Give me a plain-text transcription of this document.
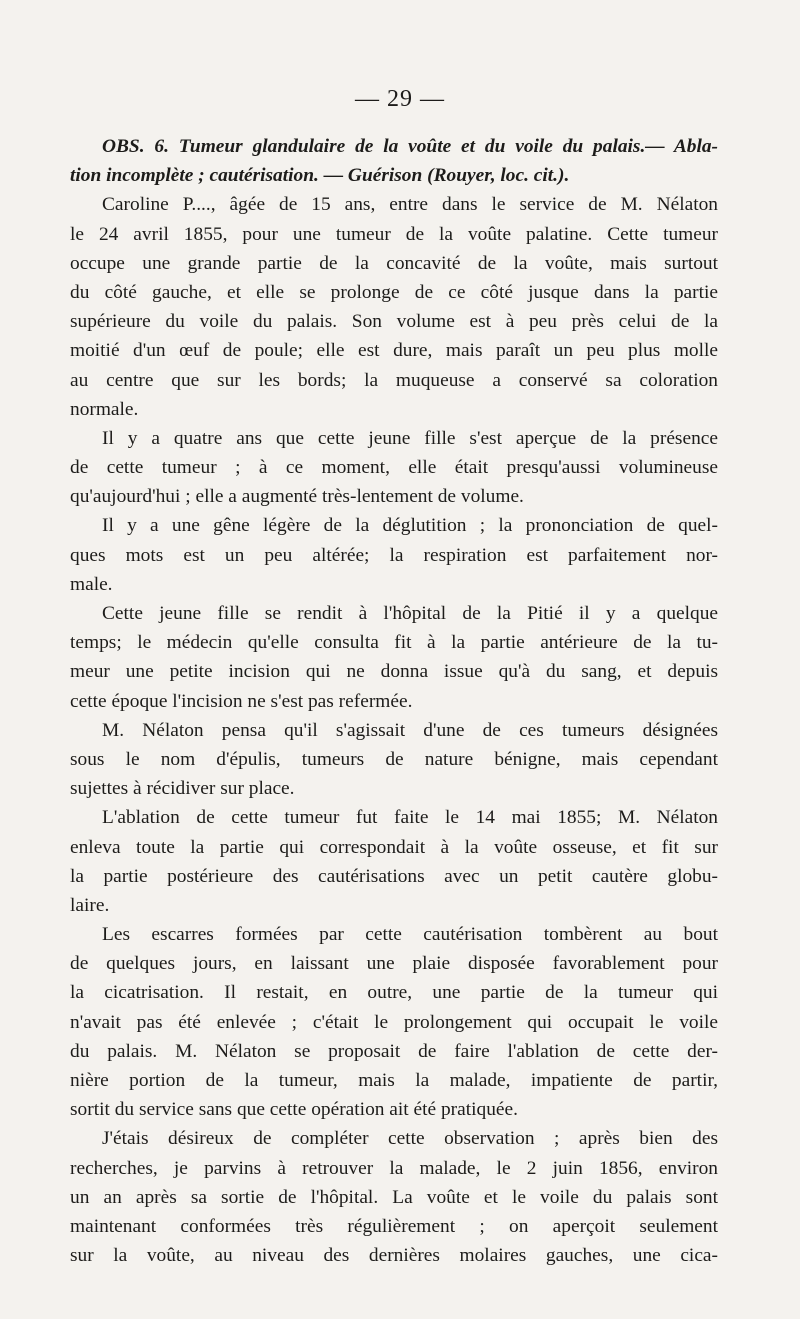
— 29 —
OBS. 6. Tumeur glandulaire de la voûte et du voile du palais.— Abla-
tion incomplète ; cautérisation. — Guérison (Rouyer, loc. cit.).
Caroline P...., âgée de 15 ans, entre dans le service de M. Nélaton
le 24 avril 1855, pour une tumeur de la voûte palatine. Cette tumeur
occupe une grande partie de la concavité de la voûte, mais surtout
du côté gauche, et elle se prolonge de ce côté jusque dans la partie
supérieure du voile du palais. Son volume est à peu près celui de la
moitié d'un œuf de poule; elle est dure, mais paraît un peu plus molle
au centre que sur les bords; la muqueuse a conservé sa coloration
normale.
Il y a quatre ans que cette jeune fille s'est aperçue de la présence
de cette tumeur ; à ce moment, elle était presqu'aussi volumineuse
qu'aujourd'hui ; elle a augmenté très-lentement de volume.
Il y a une gêne légère de la déglutition ; la prononciation de quel-
ques mots est un peu altérée; la respiration est parfaitement nor-
male.
Cette jeune fille se rendit à l'hôpital de la Pitié il y a quelque
temps; le médecin qu'elle consulta fit à la partie antérieure de la tu-
meur une petite incision qui ne donna issue qu'à du sang, et depuis
cette époque l'incision ne s'est pas refermée.
M. Nélaton pensa qu'il s'agissait d'une de ces tumeurs désignées
sous le nom d'épulis, tumeurs de nature bénigne, mais cependant
sujettes à récidiver sur place.
L'ablation de cette tumeur fut faite le 14 mai 1855; M. Nélaton
enleva toute la partie qui correspondait à la voûte osseuse, et fit sur
la partie postérieure des cautérisations avec un petit cautère globu-
laire.
Les escarres formées par cette cautérisation tombèrent au bout
de quelques jours, en laissant une plaie disposée favorablement pour
la cicatrisation. Il restait, en outre, une partie de la tumeur qui
n'avait pas été enlevée ; c'était le prolongement qui occupait le voile
du palais. M. Nélaton se proposait de faire l'ablation de cette der-
nière portion de la tumeur, mais la malade, impatiente de partir,
sortit du service sans que cette opération ait été pratiquée.
J'étais désireux de compléter cette observation ; après bien des
recherches, je parvins à retrouver la malade, le 2 juin 1856, environ
un an après sa sortie de l'hôpital. La voûte et le voile du palais sont
maintenant conformées très régulièrement ; on aperçoit seulement
sur la voûte, au niveau des dernières molaires gauches, une cica-
